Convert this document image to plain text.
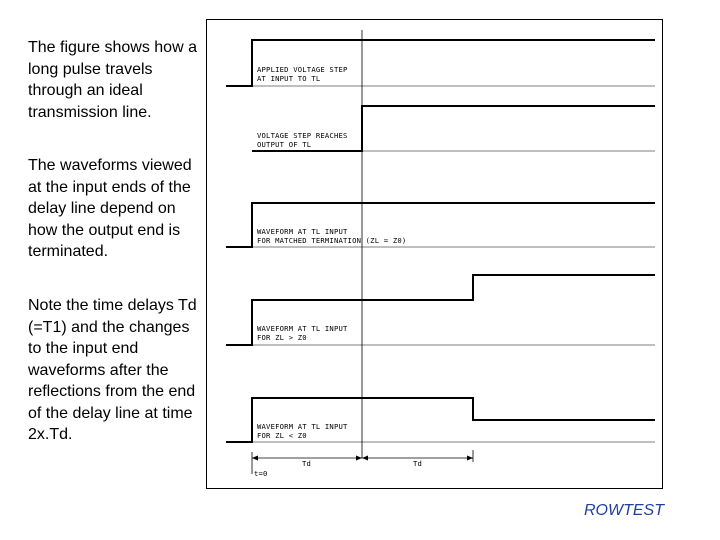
The figure shows how a long pulse travels through an ideal transmission line.
The waveforms viewed at the input ends of the delay line depend on how the output end is terminated.
Note the time delays Td (=T1) and the changes to the input end waveforms after the reflections from the end of the delay line at time 2x.Td.
APPLIED VOLTAGE STEP
AT INPUT TO TL
VOLTAGE STEP REACHES
OUTPUT OF TL
WAVEFORM AT TL INPUT
FOR MATCHED TERMINATION (ZL = Z0)
WAVEFORM AT TL INPUT
FOR ZL > Z0
WAVEFORM AT TL INPUT
FOR ZL < Z0
Td	Td
t=0
ROWTEST
